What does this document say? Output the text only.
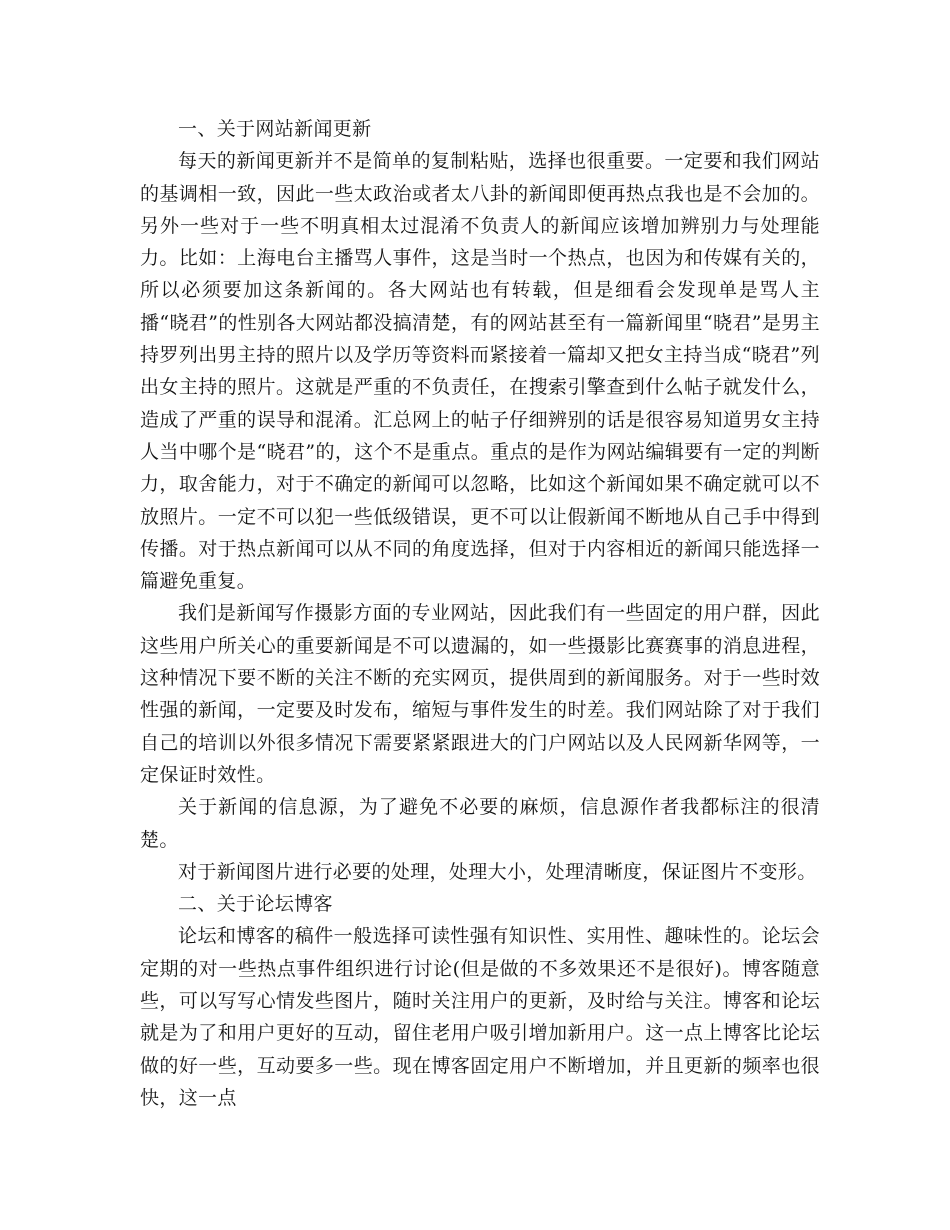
一、关于网站新闻更新

每天的新闻更新并不是简单的复制粘贴，选择也很重要。一定要和我们网站的基调相一致，因此一些太政治或者太八卦的新闻即便再热点我也是不会加的。另外一些对于一些不明真相太过混淆不负责人的新闻应该增加辨别力与处理能力。比如：上海电台主播骂人事件，这是当时一个热点，也因为和传媒有关的，所以必须要加这条新闻的。各大网站也有转载，但是细看会发现单是骂人主播“晓君”的性别各大网站都没搞清楚，有的网站甚至有一篇新闻里“晓君”是男主持罗列出男主持的照片以及学历等资料而紧接着一篇却又把女主持当成“晓君”列出女主持的照片。这就是严重的不负责任，在搜索引擎查到什么帖子就发什么，造成了严重的误导和混淆。汇总网上的帖子仔细辨别的话是很容易知道男女主持人当中哪个是“晓君”的，这个不是重点。重点的是作为网站编辑要有一定的判断力，取舍能力，对于不确定的新闻可以忽略，比如这个新闻如果不确定就可以不放照片。一定不可以犯一些低级错误，更不可以让假新闻不断地从自己手中得到传播。对于热点新闻可以从不同的角度选择，但对于内容相近的新闻只能选择一篇避免重复。

我们是新闻写作摄影方面的专业网站，因此我们有一些固定的用户群，因此这些用户所关心的重要新闻是不可以遗漏的，如一些摄影比赛赛事的消息进程，这种情况下要不断的关注不断的充实网页，提供周到的新闻服务。对于一些时效性强的新闻，一定要及时发布，缩短与事件发生的时差。我们网站除了对于我们自己的培训以外很多情况下需要紧紧跟进大的门户网站以及人民网新华网等，一定保证时效性。

关于新闻的信息源，为了避免不必要的麻烦，信息源作者我都标注的很清楚。

对于新闻图片进行必要的处理，处理大小，处理清晰度，保证图片不变形。

二、关于论坛博客

论坛和博客的稿件一般选择可读性强有知识性、实用性、趣味性的。论坛会定期的对一些热点事件组织进行讨论(但是做的不多效果还不是很好)。博客随意些，可以写写心情发些图片，随时关注用户的更新，及时给与关注。博客和论坛就是为了和用户更好的互动，留住老用户吸引增加新用户。这一点上博客比论坛做的好一些，互动要多一些。现在博客固定用户不断增加，并且更新的频率也很快，这一点
